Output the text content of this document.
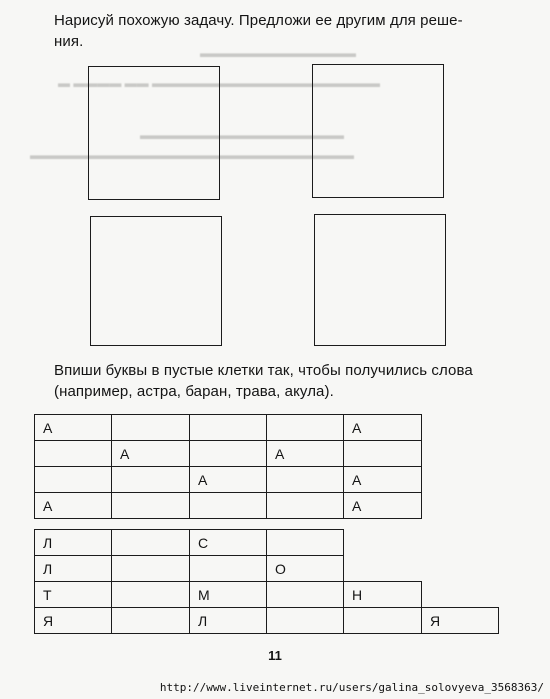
▬▬▬▬▬▬▬▬▬▬▬▬▬
▬ ▬▬▬▬ ▬▬ ▬▬▬▬▬▬▬▬▬▬▬▬▬▬▬▬▬▬▬
▬▬▬▬▬▬▬▬▬▬▬▬▬▬▬▬▬
▬▬▬▬▬▬▬▬▬▬▬▬▬▬▬▬▬▬▬▬▬▬▬▬▬▬▬
Нарисуй похожую задачу. Предложи ее другим для реше-
ния.
Впиши буквы в пустые клетки так, чтобы получились слова
(например, астра, баран, трава, акула).
А				А
	А		А	
		А		А
А				А
Л		С			
Л			О		
Т		М		Н	
Я		Л			Я
11
http://www.liveinternet.ru/users/galina_solovyeva_3568363/
